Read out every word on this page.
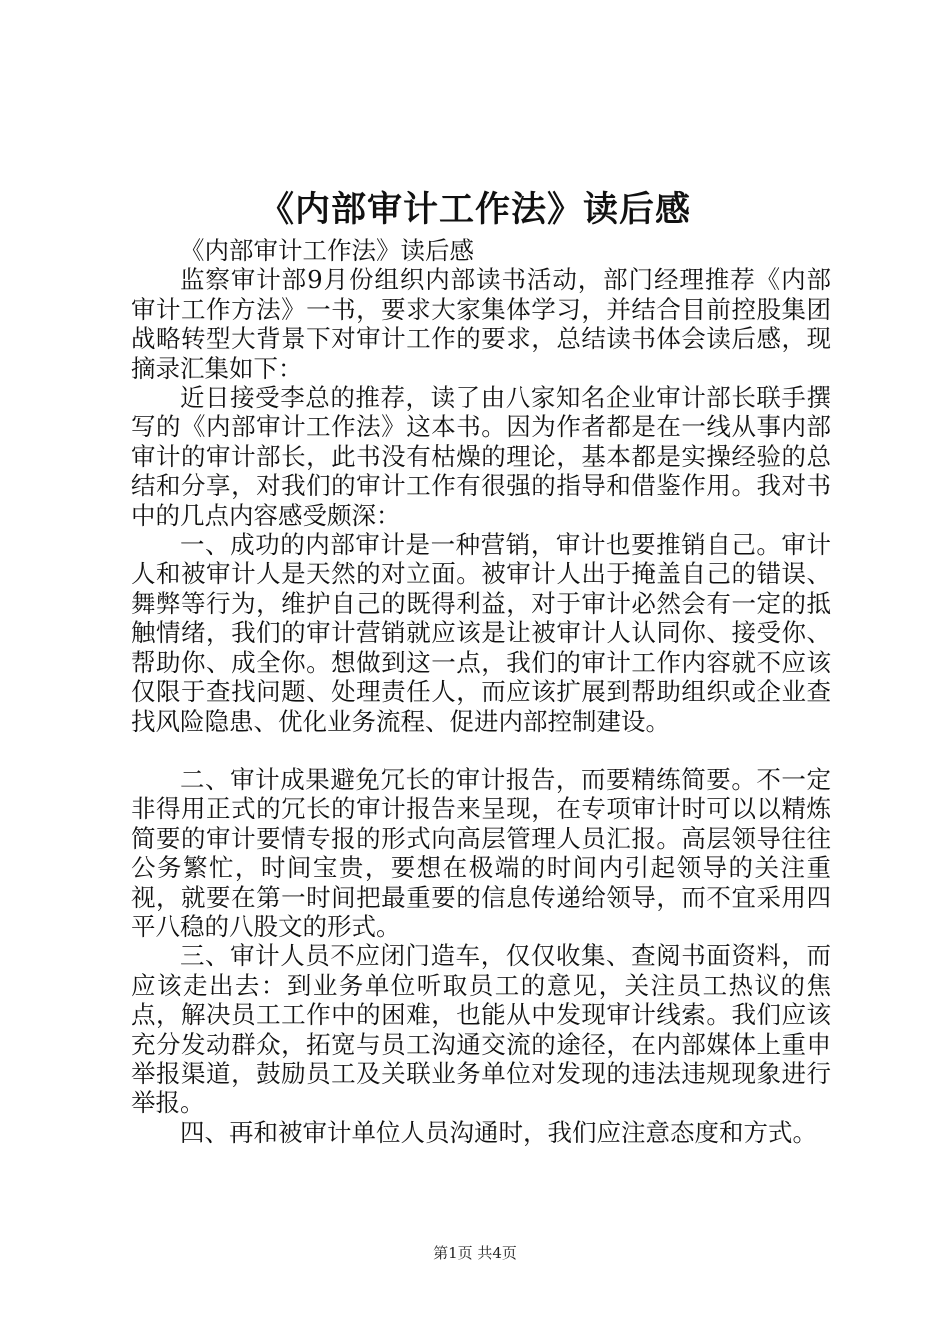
《内部审计工作法》读后感

《内部审计工作法》读后感

监察审计部9月份组织内部读书活动，部门经理推荐《内部审计工作方法》一书，要求大家集体学习，并结合目前控股集团战略转型大背景下对审计工作的要求，总结读书体会读后感，现摘录汇集如下：

近日接受李总的推荐，读了由八家知名企业审计部长联手撰写的《内部审计工作法》这本书。因为作者都是在一线从事内部审计的审计部长，此书没有枯燥的理论，基本都是实操经验的总结和分享，对我们的审计工作有很强的指导和借鉴作用。我对书中的几点内容感受颇深：

一、成功的内部审计是一种营销，审计也要推销自己。审计人和被审计人是天然的对立面。被审计人出于掩盖自己的错误、舞弊等行为，维护自己的既得利益，对于审计必然会有一定的抵触情绪，我们的审计营销就应该是让被审计人认同你、接受你、帮助你、成全你。想做到这一点，我们的审计工作内容就不应该仅限于查找问题、处理责任人，而应该扩展到帮助组织或企业查找风险隐患、优化业务流程、促进内部控制建设。

二、审计成果避免冗长的审计报告，而要精练简要。不一定非得用正式的冗长的审计报告来呈现，在专项审计时可以以精炼简要的审计要情专报的形式向高层管理人员汇报。高层领导往往公务繁忙，时间宝贵，要想在极端的时间内引起领导的关注重视，就要在第一时间把最重要的信息传递给领导，而不宜采用四平八稳的八股文的形式。

三、审计人员不应闭门造车，仅仅收集、查阅书面资料，而应该走出去：到业务单位听取员工的意见，关注员工热议的焦点，解决员工工作中的困难，也能从中发现审计线索。我们应该充分发动群众，拓宽与员工沟通交流的途径，在内部媒体上重申举报渠道，鼓励员工及关联业务单位对发现的违法违规现象进行举报。

四、再和被审计单位人员沟通时，我们应注意态度和方式。

第1页 共4页
